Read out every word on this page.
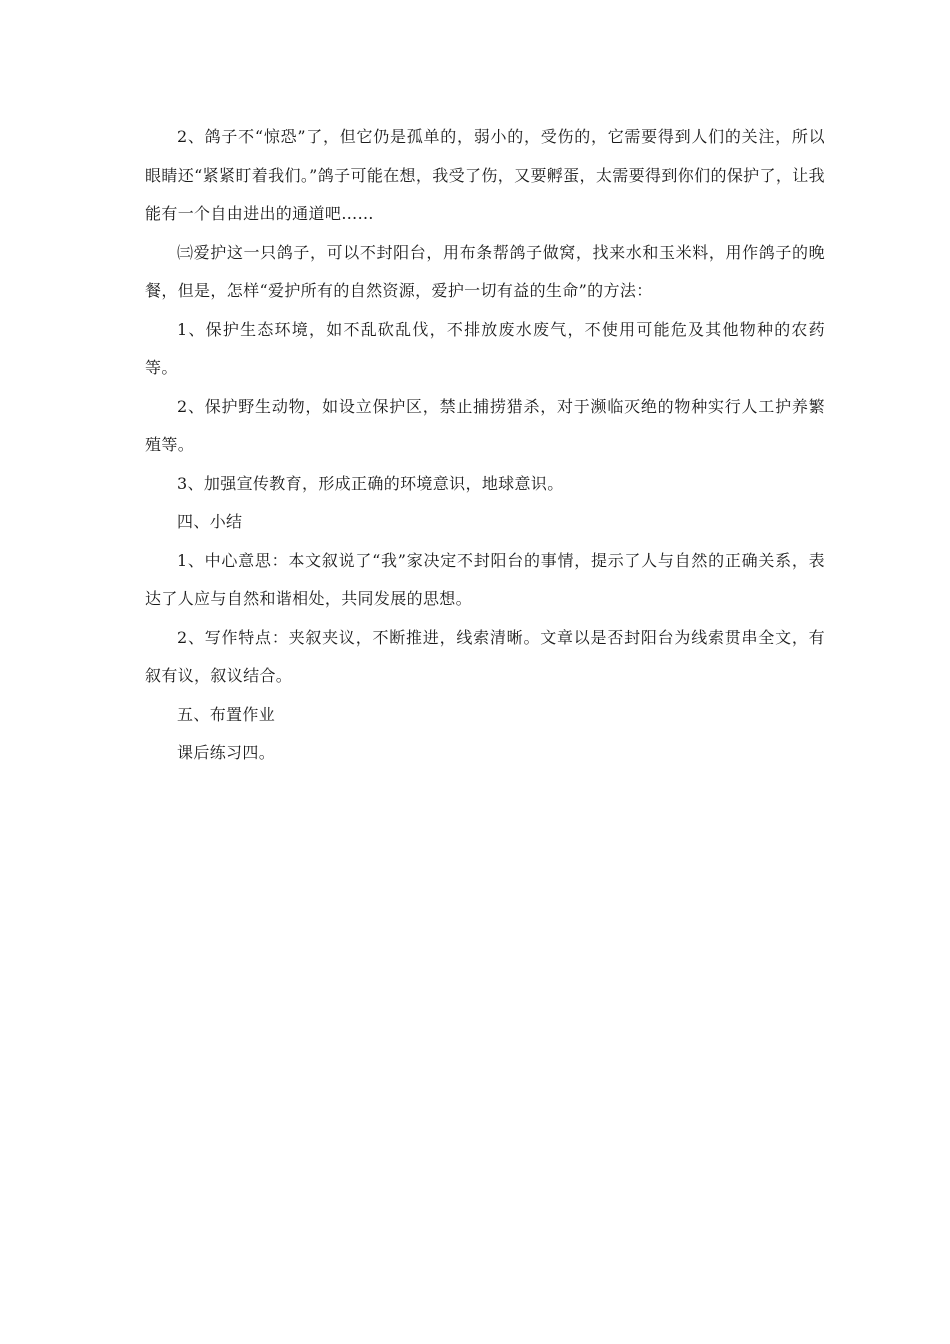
2、鸽子不“惊恐”了，但它仍是孤单的，弱小的，受伤的，它需要得到人们的关注，所以眼睛还“紧紧盯着我们。”鸽子可能在想，我受了伤，又要孵蛋，太需要得到你们的保护了，让我能有一个自由进出的通道吧……

㈢爱护这一只鸽子，可以不封阳台，用布条帮鸽子做窝，找来水和玉米料，用作鸽子的晚餐，但是，怎样“爱护所有的自然资源，爱护一切有益的生命”的方法：

1、保护生态环境，如不乱砍乱伐，不排放废水废气，不使用可能危及其他物种的农药等。

2、保护野生动物，如设立保护区，禁止捕捞猎杀，对于濒临灭绝的物种实行人工护养繁殖等。

3、加强宣传教育，形成正确的环境意识，地球意识。

四、小结

1、中心意思：本文叙说了“我”家决定不封阳台的事情，提示了人与自然的正确关系，表达了人应与自然和谐相处，共同发展的思想。

2、写作特点：夹叙夹议，不断推进，线索清晰。文章以是否封阳台为线索贯串全文，有叙有议，叙议结合。

五、布置作业

课后练习四。
